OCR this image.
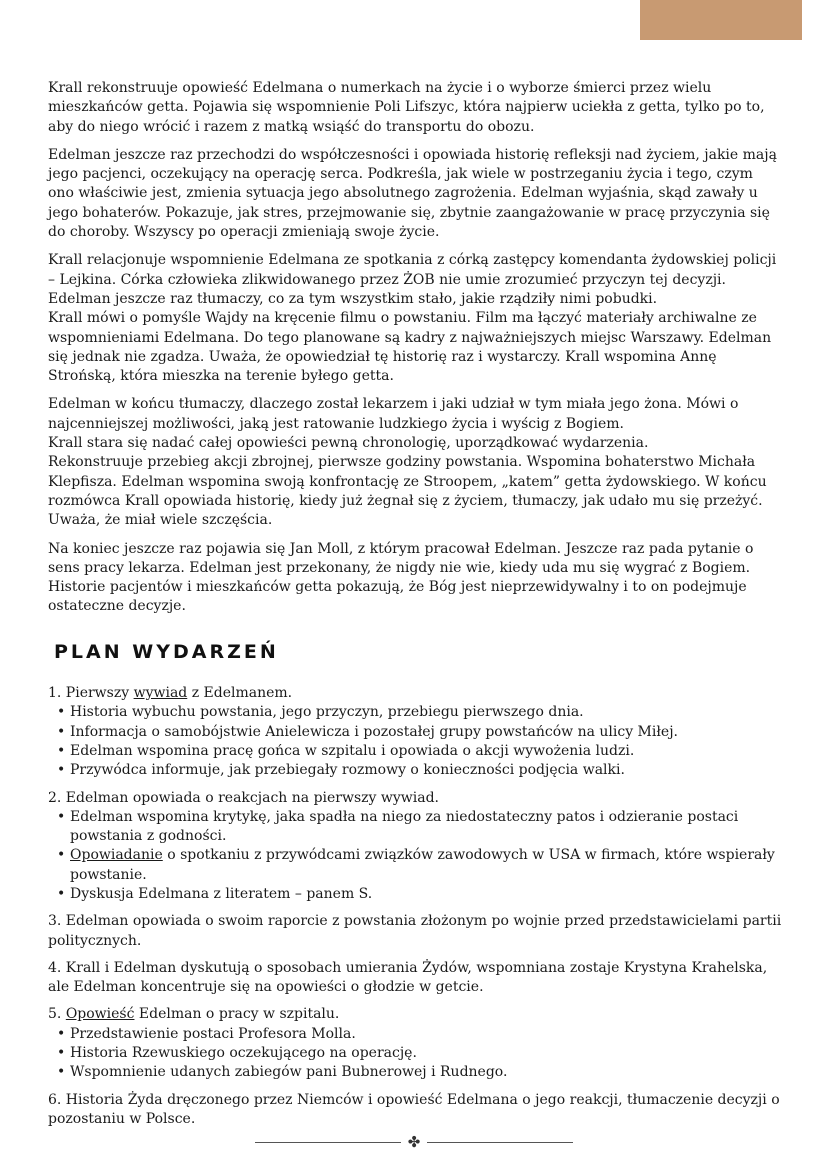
Krall rekonstruuje opowieść Edelmana o numerkach na życie i o wyborze śmierci przez wielu mieszkańców getta. Pojawia się wspomnienie Poli Lifszyc, która najpierw uciekła z getta, tylko po to, aby do niego wrócić i razem z matką wsiąść do transportu do obozu.

Edelman jeszcze raz przechodzi do współczesności i opowiada historię refleksji nad życiem, jakie mają jego pacjenci, oczekujący na operację serca. Podkreśla, jak wiele w postrzeganiu życia i tego, czym ono właściwie jest, zmienia sytuacja jego absolutnego zagrożenia. Edelman wyjaśnia, skąd zawały u jego bohaterów. Pokazuje, jak stres, przejmowanie się, zbytnie zaangażowanie w pracę przyczynia się do choroby. Wszyscy po operacji zmieniają swoje życie.

Krall relacjonuje wspomnienie Edelmana ze spotkania z córką zastępcy komendanta żydowskiej policji – Lejkina. Córka człowieka zlikwidowanego przez ŻOB nie umie zrozumieć przyczyn tej decyzji. Edelman jeszcze raz tłumaczy, co za tym wszystkim stało, jakie rządziły nimi pobudki.
Krall mówi o pomyśle Wajdy na kręcenie filmu o powstaniu. Film ma łączyć materiały archiwalne ze wspomnieniami Edelmana. Do tego planowane są kadry z najważniejszych miejsc Warszawy. Edelman się jednak nie zgadza. Uważa, że opowiedział tę historię raz i wystarczy. Krall wspomina Annę Strońską, która mieszka na terenie byłego getta.

Edelman w końcu tłumaczy, dlaczego został lekarzem i jaki udział w tym miała jego żona. Mówi o najcenniejszej możliwości, jaką jest ratowanie ludzkiego życia i wyścig z Bogiem.
Krall stara się nadać całej opowieści pewną chronologię, uporządkować wydarzenia.
Rekonstruuje przebieg akcji zbrojnej, pierwsze godziny powstania. Wspomina bohaterstwo Michała Klepfisza. Edelman wspomina swoją konfrontację ze Stroopem, „katem” getta żydowskiego. W końcu rozmówca Krall opowiada historię, kiedy już żegnał się z życiem, tłumaczy, jak udało mu się przeżyć. Uważa, że miał wiele szczęścia.

Na koniec jeszcze raz pojawia się Jan Moll, z którym pracował Edelman. Jeszcze raz pada pytanie o sens pracy lekarza. Edelman jest przekonany, że nigdy nie wie, kiedy uda mu się wygrać z Bogiem. Historie pacjentów i mieszkańców getta pokazują, że Bóg jest nieprzewidywalny i to on podejmuje ostateczne decyzje.

PLAN WYDARZEŃ
1. Pierwszy wywiad z Edelmanem.
• Historia wybuchu powstania, jego przyczyn, przebiegu pierwszego dnia.
• Informacja o samobójstwie Anielewicza i pozostałej grupy powstańców na ulicy Miłej.
• Edelman wspomina pracę gońca w szpitalu i opowiada o akcji wywożenia ludzi.
• Przywódca informuje, jak przebiegały rozmowy o konieczności podjęcia walki.
2. Edelman opowiada o reakcjach na pierwszy wywiad.
• Edelman wspomina krytykę, jaka spadła na niego za niedostateczny patos i odzieranie postaci powstania z godności.
• Opowiadanie o spotkaniu z przywódcami związków zawodowych w USA w firmach, które wspierały powstanie.
• Dyskusja Edelmana z literatem – panem S.
3. Edelman opowiada o swoim raporcie z powstania złożonym po wojnie przed przedstawicielami partii politycznych.
4. Krall i Edelman dyskutują o sposobach umierania Żydów, wspomniana zostaje Krystyna Krahelska, ale Edelman koncentruje się na opowieści o głodzie w getcie.
5. Opowieść Edelman o pracy w szpitalu.
• Przedstawienie postaci Profesora Molla.
• Historia Rzewuskiego oczekującego na operację.
• Wspomnienie udanych zabiegów pani Bubnerowej i Rudnego.
6. Historia Żyda dręczonego przez Niemców i opowieść Edelmana o jego reakcji, tłumaczenie decyzji o pozostaniu w Polsce.
✤
